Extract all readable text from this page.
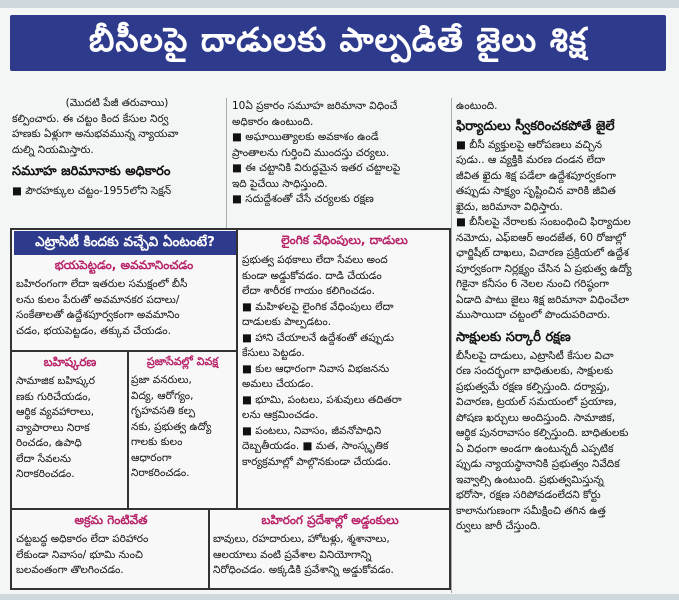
బీసీలపై దాడులకు పాల్పడితే జైలు శిక్ష
(మొదటి పేజీ తరువాయి)
కల్పించారు. ఈ చట్టం కింద కేసుల నిర్వ
హణకు ఏళ్లుగా అనుభవమున్న న్యాయవా
దుల్ని నియమిస్తారు.
సమూహ జరిమానాకు అధికారం
■ పౌరహక్కుల చట్టం-1955లోని సెక్షన్
10ఏ ప్రకారం సమూహ జరిమానా విధించే
అధికారం ఉంటుంది.
■ అఘాయిత్యాలకు అవకాశం ఉండే
ప్రాంతాలను గుర్తించి ముందస్తు చర్యలు.
■ ఈ చట్టానికి విరుద్ధమైన ఇతర చట్టాలపై
ఇది పైచేయి సాధిస్తుంది.
■ సదుద్దేశంతో చేసే చర్యలకు రక్షణ
ఉంటుంది.
ఫిర్యాదులు స్వీకరించకపోతే జైలే
■ బీసీ వ్యక్తులపై ఆరోపణలు వచ్చిన
పుడు.. ఆ వ్యక్తికి మరణ దండన లేదా
జీవిత ఖైదు శిక్ష పడేలా ఉద్దేశపూర్వకంగా
తప్పుడు సాక్ష్యం సృష్టించిన వారికి జీవిత
ఖైదు, జరిమానా విధిస్తారు.
■ బీసీలపై నేరాలకు సంబంధించి ఫిర్యాదుల
నమోదు, ఎఫ్‌ఐఆర్ అందజేత, 60 రోజుల్లో
ఛార్జిషీట్ దాఖలు, విచారణ ప్రక్రియలో ఉద్దేశ
పూర్వకంగా నిర్లక్ష్యం చేసిన ఏ ప్రభుత్వ ఉద్యో
గికైనా కనీసం 6 నెలల నుంచి గరిష్ఠంగా
ఏడాది పాటు జైలు శిక్ష జరిమానా విధించేలా
ముసాయిదా చట్టంలో పొందుపరిచారు.
సాక్షులకు సర్కారీ రక్షణ
బీసీలపై దాడులు, ఎట్రాసిటీ కేసుల విచా
రణ సందర్భంగా బాధితులకు, సాక్షులకు
ప్రభుత్వమే రక్షణ కల్పిస్తుంది. దర్యాప్తు,
విచారణ, ట్రయల్ సమయంలో ప్రయాణ,
పోషణ ఖర్చులు అందిస్తుంది. సామాజిక,
ఆర్థిక పునరావాసం కల్పిస్తుంది. బాధితులకు
ఏ విధంగా అండగా ఉంటున్నదీ ఎప్పటిక
ప్పుడు న్యాయస్థానానికి ప్రభుత్వం నివేదిక
ఇవ్వాల్సి ఉంటుంది. ప్రభుత్వమిస్తున్న
భరోసా, రక్షణ సరిపోవడంలేదని కోర్టు
కాలానుగుణంగా సమీక్షించి తగిన ఉత్త
ర్వులు జారీ చేస్తుంది.
ఎట్రాసిటీ కిందకు వచ్చేవి ఏంటంటే?
భయపెట్టడం, అవమానించడం
బహిరంగంగా లేదా ఇతరుల సమక్షంలో బీసీ
లను కులం పేరుతో అవమానకర పదాలు/
సంకేతాలతో ఉద్దేశపూర్వకంగా అవమానిం
చడం, భయపెట్టడం, తక్కువ చేయడం.
బహిష్కరణ
సామాజిక బహిష్కర
ణకు గురిచేయడం,
ఆర్థిక వ్యవహారాలు,
వ్యాపారాలు నిరాక
రించడం, ఉపాధి
లేదా సేవలను
నిరాకరించడం.
ప్రజాసేవల్లో వివక్ష
ప్రజా వనరులు,
విద్య, ఆరోగ్యం,
గృహవసతి కల్ప
నకు, ప్రభుత్వ ఉద్యో
గాలకు కులం
ఆధారంగా
నిరాకరించడం.
లైంగిక వేధింపులు, దాడులు
ప్రభుత్వ పథకాలు లేదా సేవలు అంద
కుండా అడ్డుకోవడం. దాడి చేయడం
లేదా శారీరక గాయం కలిగించడం.
■ మహిళలపై లైంగిక వేధింపులు లేదా
దాడులకు పాల్పడటం.
■ హాని చేయాలనే ఉద్దేశంతో తప్పుడు
కేసులు పెట్టడం.
■ కుల ఆధారంగా నివాస విభజనను
అమలు చేయడం.
■ భూమి, పంటలు, పశువులు తదితరా
లను ఆక్రమించడం.
■ పంటలు, నివాసం, జీవనోపాధిని
దెబ్బతీయడం. ■ మత, సాంస్కృతిక
కార్యక్రమాల్లో పాల్గొనకుండా చేయడం.
అక్రమ గెంటివేత
చట్టబద్ధ అధికారం లేదా పరిహారం
లేకుండా నివాసం/ భూమి నుంచి
బలవంతంగా తొలగించడం.
బహిరంగ ప్రదేశాల్లో అడ్డంకులు
బావులు, రహదారులు, హోటళ్లు, శ్మశానాలు,
ఆలయాలు వంటి ప్రవేశాల వినియోగాన్ని
నిరోధించడం. అక్కడికి ప్రవేశాన్ని అడ్డుకోవడం.
